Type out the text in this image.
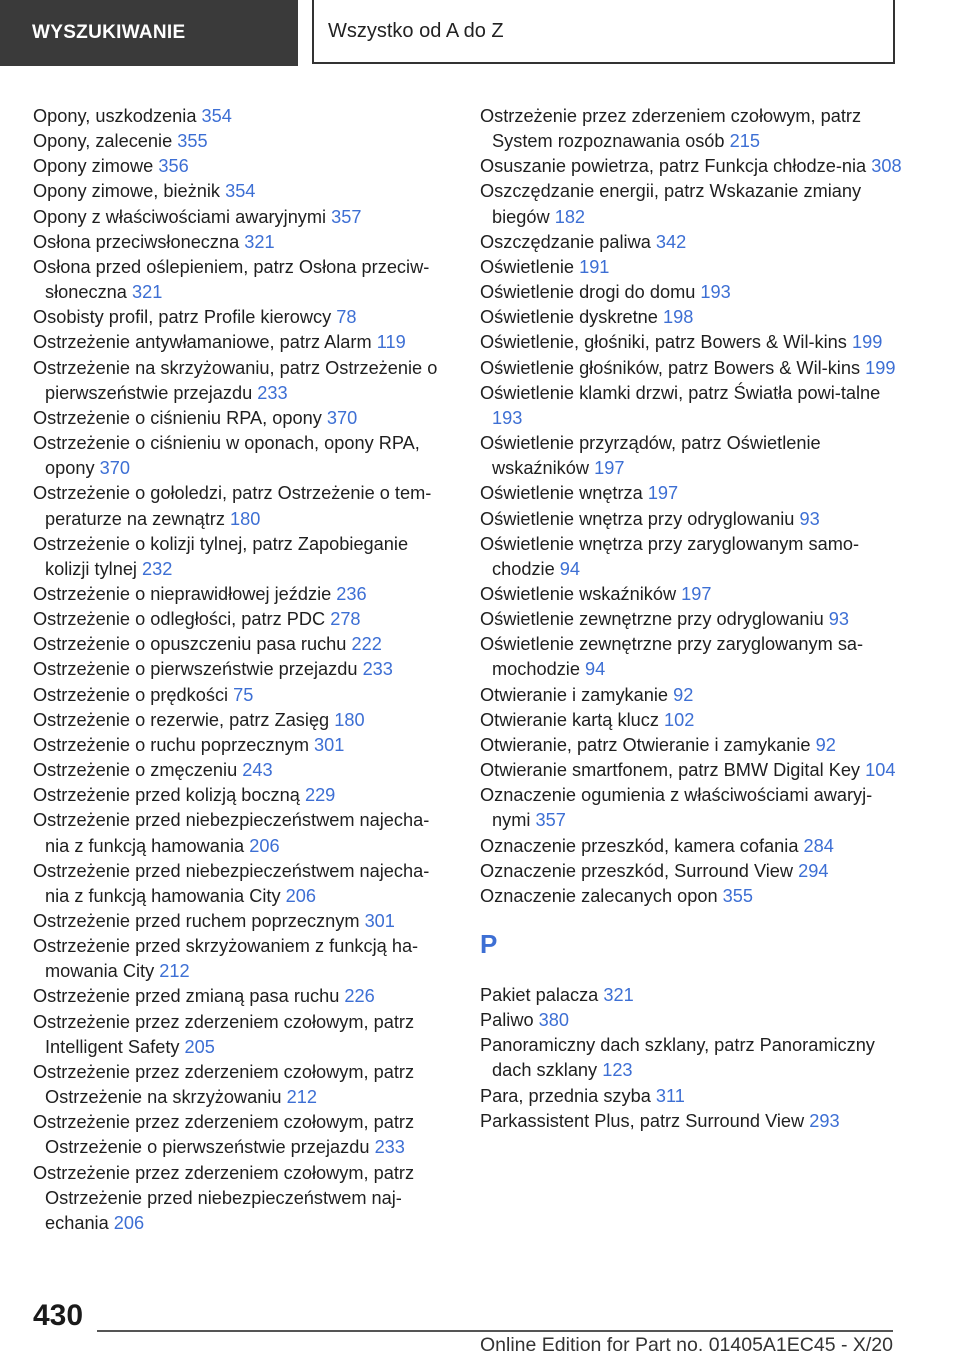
WYSZUKIWANIE	Wszystko od A do Z
Opony, uszkodzenia 354
Opony, zalecenie 355
Opony zimowe 356
Opony zimowe, bieżnik 354
Opony z właściwościami awaryjnymi 357
Osłona przeciwsłoneczna 321
Osłona przed oślepieniem, patrz Osłona przeciw‐słoneczna 321
Osobisty profil, patrz Profile kierowcy 78
Ostrzeżenie antywłamaniowe, patrz Alarm 119
Ostrzeżenie na skrzyżowaniu, patrz Ostrzeżenie o pierwszeństwie przejazdu 233
Ostrzeżenie o ciśnieniu RPA, opony 370
Ostrzeżenie o ciśnieniu w oponach, opony RPA, opony 370
Ostrzeżenie o gołoledzi, patrz Ostrzeżenie o tem‐peraturze na zewnątrz 180
Ostrzeżenie o kolizji tylnej, patrz Zapobieganie kolizji tylnej 232
Ostrzeżenie o nieprawidłowej jeździe 236
Ostrzeżenie o odległości, patrz PDC 278
Ostrzeżenie o opuszczeniu pasa ruchu 222
Ostrzeżenie o pierwszeństwie przejazdu 233
Ostrzeżenie o prędkości 75
Ostrzeżenie o rezerwie, patrz Zasięg 180
Ostrzeżenie o ruchu poprzecznym 301
Ostrzeżenie o zmęczeniu 243
Ostrzeżenie przed kolizją boczną 229
Ostrzeżenie przed niebezpieczeństwem najecha‐nia z funkcją hamowania 206
Ostrzeżenie przed niebezpieczeństwem najecha‐nia z funkcją hamowania City 206
Ostrzeżenie przed ruchem poprzecznym 301
Ostrzeżenie przed skrzyżowaniem z funkcją ha‐mowania City 212
Ostrzeżenie przed zmianą pasa ruchu 226
Ostrzeżenie przez zderzeniem czołowym, patrz Intelligent Safety 205
Ostrzeżenie przez zderzeniem czołowym, patrz Ostrzeżenie na skrzyżowaniu 212
Ostrzeżenie przez zderzeniem czołowym, patrz Ostrzeżenie o pierwszeństwie przejazdu 233
Ostrzeżenie przez zderzeniem czołowym, patrz Ostrzeżenie przed niebezpieczeństwem naj‐echania 206
Ostrzeżenie przez zderzeniem czołowym, patrz System rozpoznawania osób 215
Osuszanie powietrza, patrz Funkcja chłodze‐nia 308
Oszczędzanie energii, patrz Wskazanie zmiany biegów 182
Oszczędzanie paliwa 342
Oświetlenie 191
Oświetlenie drogi do domu 193
Oświetlenie dyskretne 198
Oświetlenie, głośniki, patrz Bowers & Wil‐kins 199
Oświetlenie głośników, patrz Bowers & Wil‐kins 199
Oświetlenie klamki drzwi, patrz Światła powi‐talne 193
Oświetlenie przyrządów, patrz Oświetlenie wskaźników 197
Oświetlenie wnętrza 197
Oświetlenie wnętrza przy odryglowaniu 93
Oświetlenie wnętrza przy zaryglowanym samo‐chodzie 94
Oświetlenie wskaźników 197
Oświetlenie zewnętrzne przy odryglowaniu 93
Oświetlenie zewnętrzne przy zaryglowanym sa‐mochodzie 94
Otwieranie i zamykanie 92
Otwieranie kartą klucz 102
Otwieranie, patrz Otwieranie i zamykanie 92
Otwieranie smartfonem, patrz BMW Digital Key 104
Oznaczenie ogumienia z właściwościami awaryj‐nymi 357
Oznaczenie przeszkód, kamera cofania 284
Oznaczenie przeszkód, Surround View 294
Oznaczenie zalecanych opon 355
P
Pakiet palacza 321
Paliwo 380
Panoramiczny dach szklany, patrz Panoramiczny dach szklany 123
Para, przednia szyba 311
Parkassistent Plus, patrz Surround View 293
430
Online Edition for Part no. 01405A1EC45 - X/20
